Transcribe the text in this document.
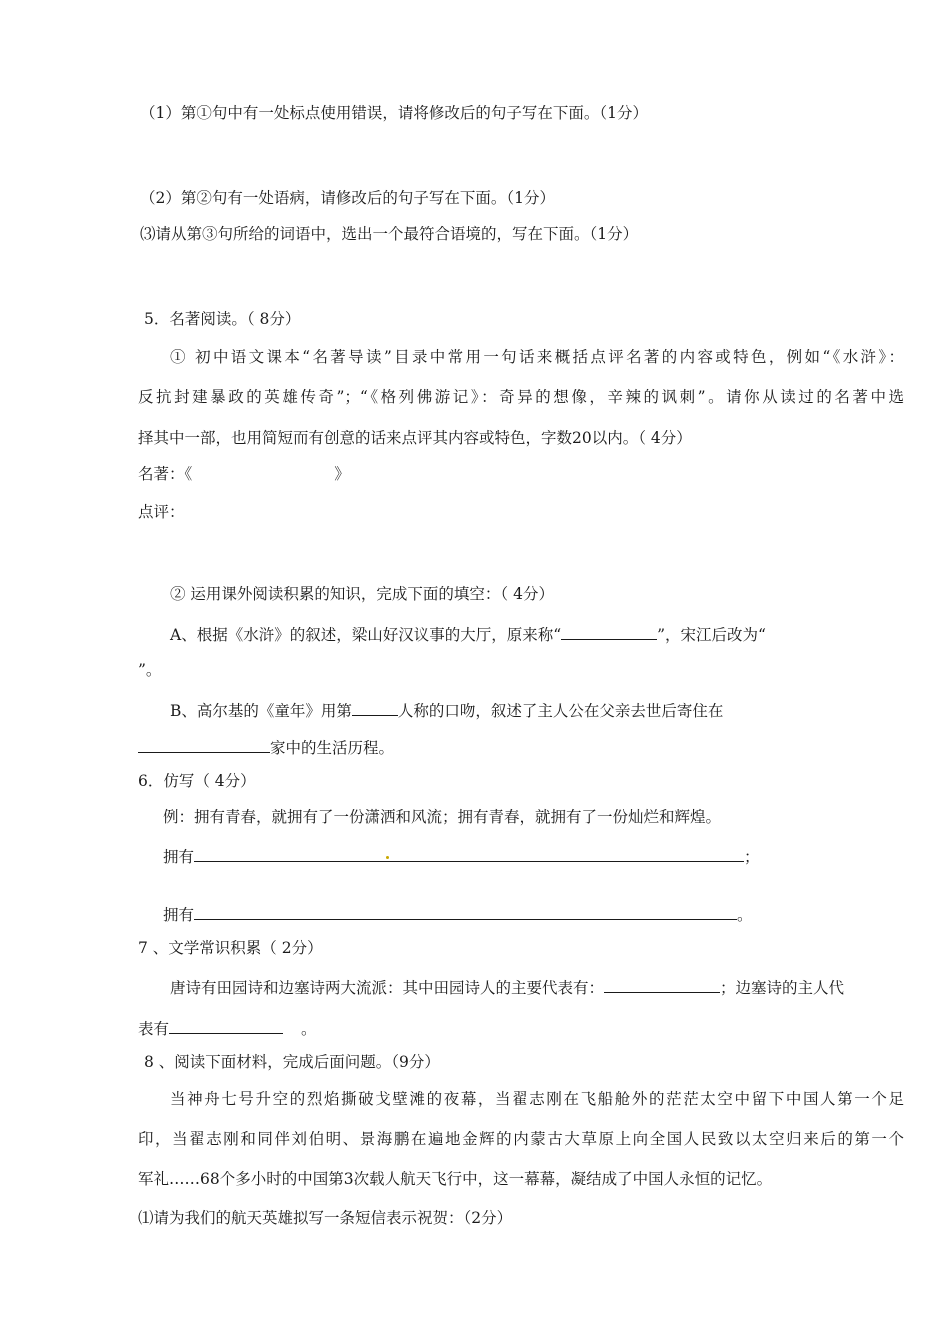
（1）第①句中有一处标点使用错误，请将修改后的句子写在下面。（1分）
（2）第②句有一处语病，请修改后的句子写在下面。（1分）
⑶请从第③句所给的词语中，选出一个最符合语境的，写在下面。（1分）
5．名著阅读。（ 8分）
① 初中语文课本“名著导读”目录中常用一句话来概括点评名著的内容或特色，例如“《水浒》：
反抗封建暴政的英雄传奇”；“《格列佛游记》：奇异的想像，辛辣的讽刺”。请你从读过的名著中选
择其中一部，也用简短而有创意的话来点评其内容或特色，字数20以内。（ 4分）
名著：《	》
点评：
② 运用课外阅读积累的知识，完成下面的填空：（ 4分）
A、根据《水浒》的叙述，梁山好汉议事的大厅，原来称“	”，宋江后改为“
”。
B、高尔基的《童年》用第	人称的口吻，叙述了主人公在父亲去世后寄住在
家中的生活历程。
6．仿写（ 4分）
例：拥有青春，就拥有了一份潇洒和风流；拥有青春，就拥有了一份灿烂和辉煌。
拥有	；
拥有	。
7 、文学常识积累（ 2分）
唐诗有田园诗和边塞诗两大流派：其中田园诗人的主要代表有：	；边塞诗的主人代
表有	。
8 、阅读下面材料，完成后面问题。（9分）
当神舟七号升空的烈焰撕破戈壁滩的夜幕，当翟志刚在飞船舱外的茫茫太空中留下中国人第一个足
印，当翟志刚和同伴刘伯明、景海鹏在遍地金辉的内蒙古大草原上向全国人民致以太空归来后的第一个
军礼……68个多小时的中国第3次载人航天飞行中，这一幕幕，凝结成了中国人永恒的记忆。
⑴请为我们的航天英雄拟写一条短信表示祝贺：（2分）
